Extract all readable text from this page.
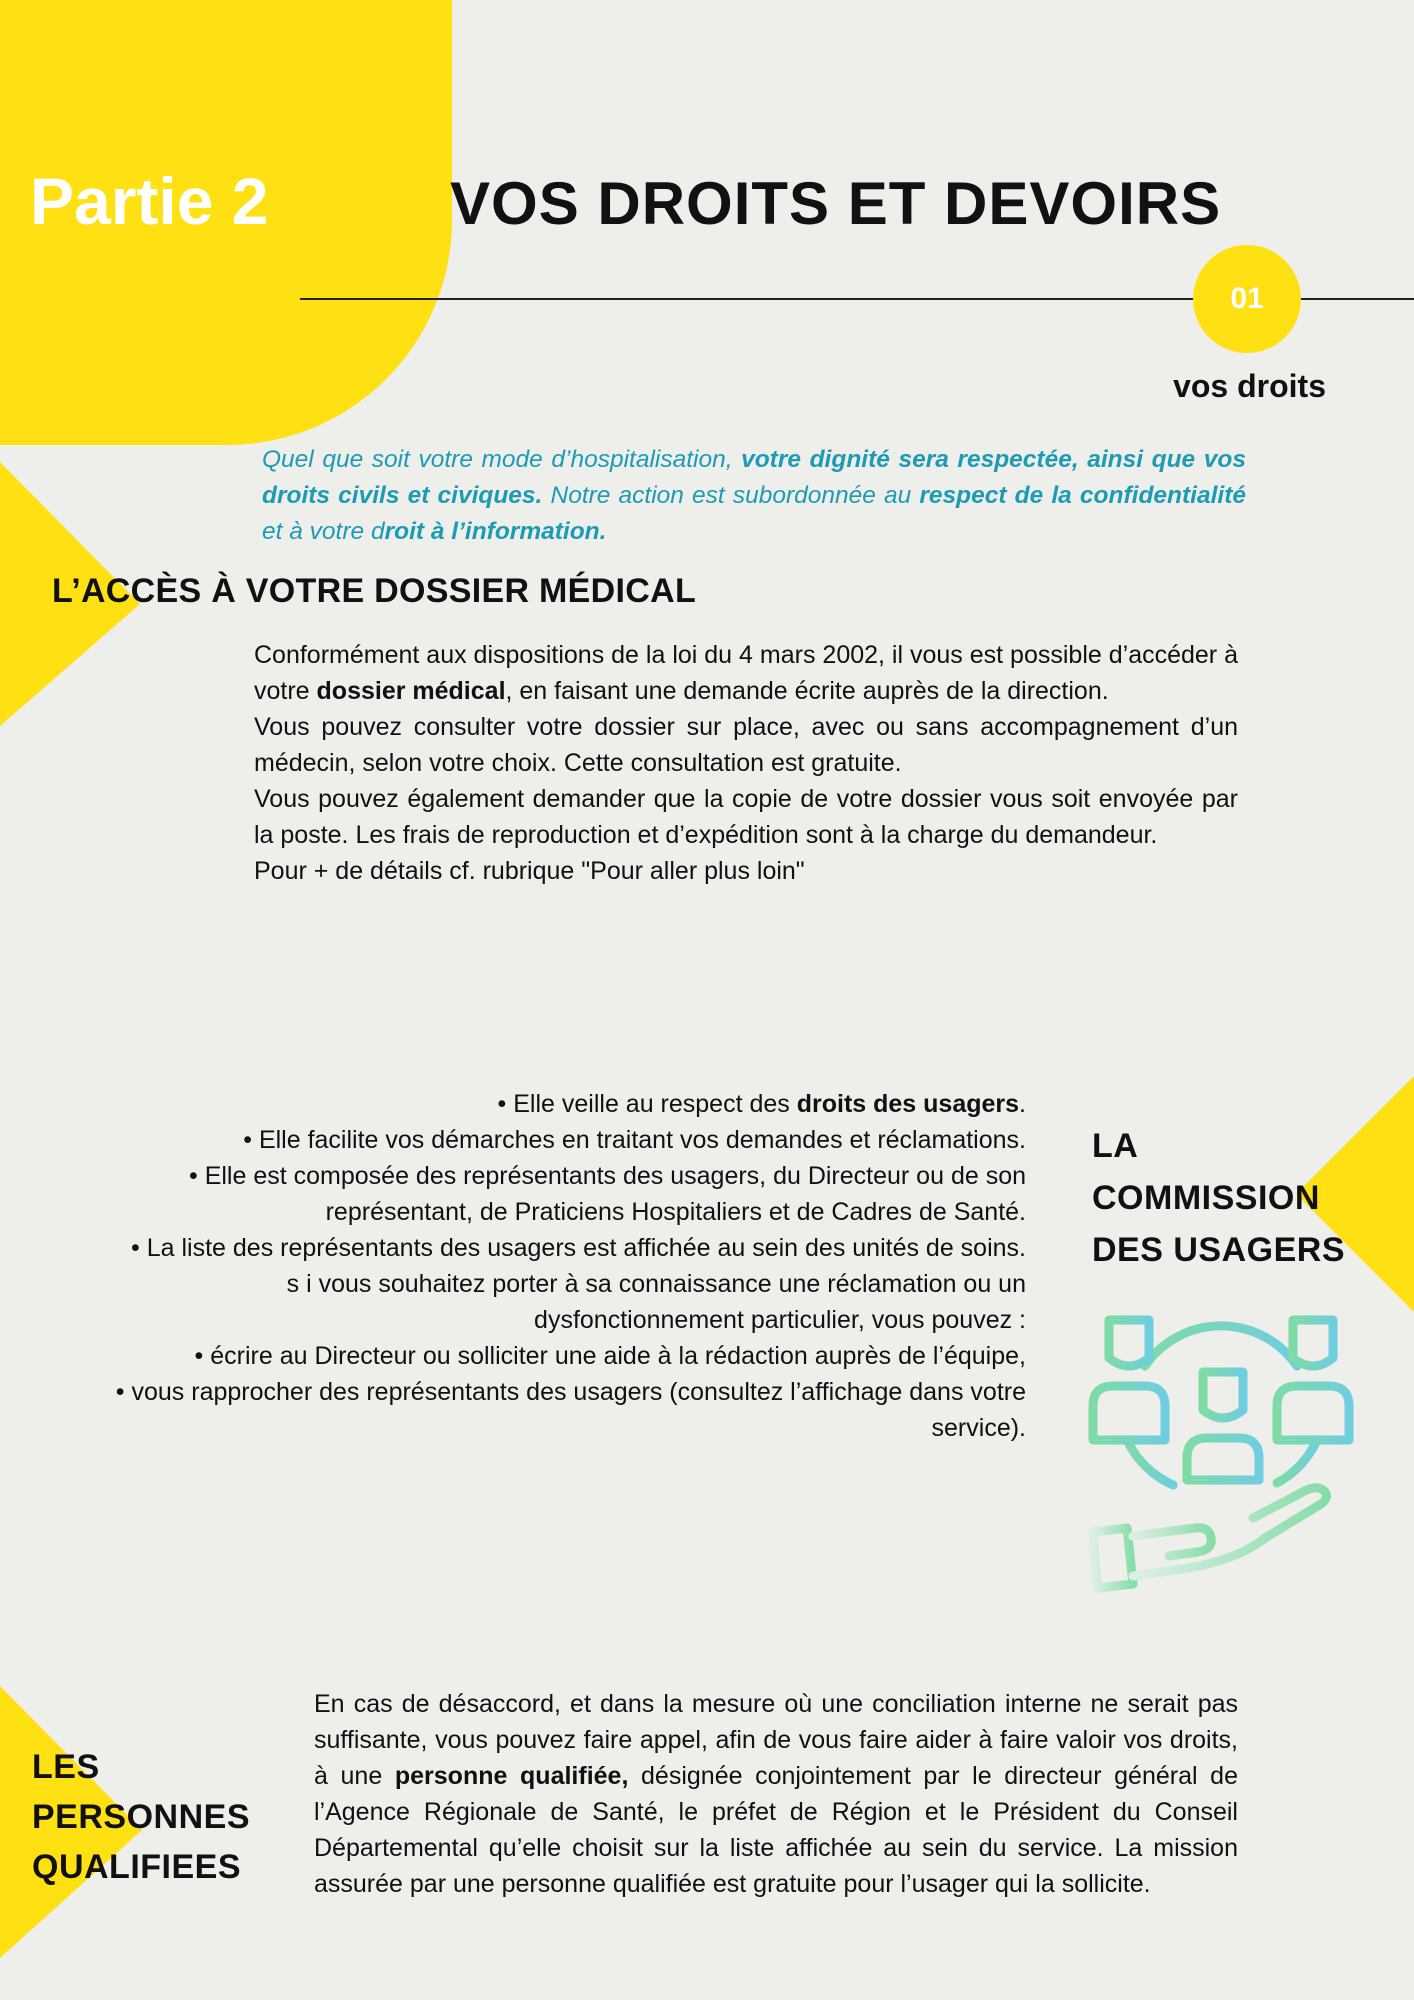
Partie 2	VOS DROITS ET DEVOIRS
01
vos droits

Quel que soit votre mode d’hospitalisation, votre dignité sera respectée, ainsi que vos droits civils et civiques. Notre action est subordonnée au respect de la confidentialité et à votre droit à l’information.

L’ACCÈS À VOTRE DOSSIER MÉDICAL

Conformément aux dispositions de la loi du 4 mars 2002, il vous est possible d’accéder à votre dossier médical, en faisant une demande écrite auprès de la direction.

Vous pouvez consulter votre dossier sur place, avec ou sans accompagnement d’un médecin, selon votre choix. Cette consultation est gratuite.

Vous pouvez également demander que la copie de votre dossier vous soit envoyée par la poste. Les frais de reproduction et d’expédition sont à la charge du demandeur.

Pour + de détails cf. rubrique "Pour aller plus loin"

• Elle veille au respect des droits des usagers.

• Elle facilite vos démarches en traitant vos demandes et réclamations.

• Elle est composée des représentants des usagers, du Directeur ou de son représentant, de Praticiens Hospitaliers et de Cadres de Santé.

• La liste des représentants des usagers est affichée au sein des unités de soins.

s i vous souhaitez porter à sa connaissance une réclamation ou un dysfonctionnement particulier, vous pouvez :

• écrire au Directeur ou solliciter une aide à la rédaction auprès de l’équipe,

• vous rapprocher des représentants des usagers (consultez l’affichage dans votre service).

LA
COMMISSION
DES USAGERS
LES
PERSONNES
QUALIFIEES

En cas de désaccord, et dans la mesure où une conciliation interne ne serait pas suffisante, vous pouvez faire appel, afin de vous faire aider à faire valoir vos droits, à une personne qualifiée, désignée conjointement par le directeur général de l’Agence Régionale de Santé, le préfet de Région et le Président du Conseil Départemental qu’elle choisit sur la liste affichée au sein du service. La mission assurée par une personne qualifiée est gratuite pour l’usager qui la sollicite.
